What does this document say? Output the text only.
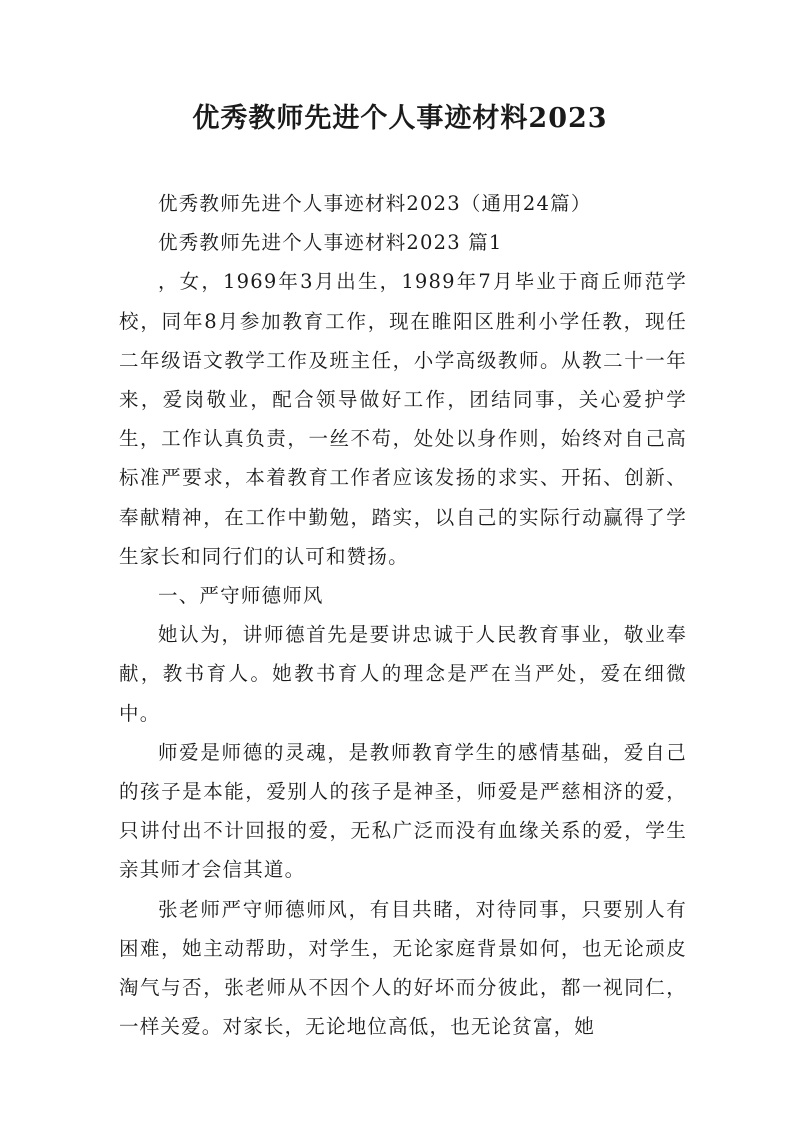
优秀教师先进个人事迹材料2023

优秀教师先进个人事迹材料2023（通用24篇）

优秀教师先进个人事迹材料2023 篇1

，女，1969年3月出生，1989年7月毕业于商丘师范学校，同年8月参加教育工作，现在睢阳区胜利小学任教，现任二年级语文教学工作及班主任，小学高级教师。从教二十一年来，爱岗敬业，配合领导做好工作，团结同事，关心爱护学生，工作认真负责，一丝不苟，处处以身作则，始终对自己高标准严要求，本着教育工作者应该发扬的求实、开拓、创新、奉献精神，在工作中勤勉，踏实，以自己的实际行动赢得了学生家长和同行们的认可和赞扬。

一、严守师德师风

她认为，讲师德首先是要讲忠诚于人民教育事业，敬业奉献，教书育人。她教书育人的理念是严在当严处，爱在细微中。

师爱是师德的灵魂，是教师教育学生的感情基础，爱自己的孩子是本能，爱别人的孩子是神圣，师爱是严慈相济的爱，只讲付出不计回报的爱，无私广泛而没有血缘关系的爱，学生亲其师才会信其道。

张老师严守师德师风，有目共睹，对待同事，只要别人有困难，她主动帮助，对学生，无论家庭背景如何，也无论顽皮淘气与否，张老师从不因个人的好坏而分彼此，都一视同仁，一样关爱。对家长，无论地位高低，也无论贫富，她
